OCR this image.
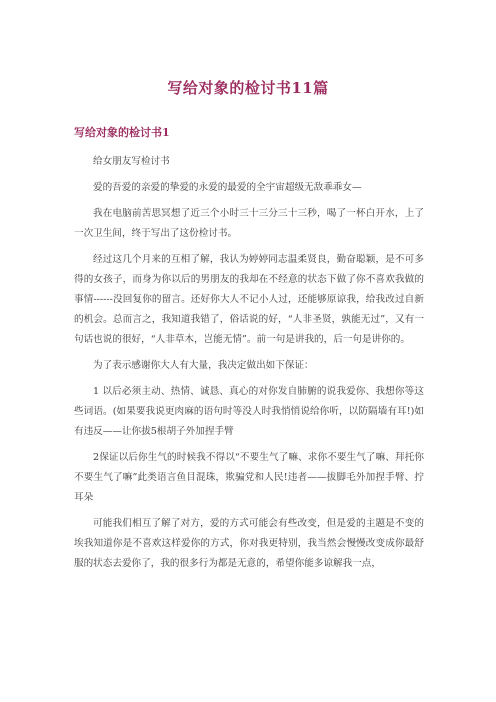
写给对象的检讨书11篇
写给对象的检讨书1

给女朋友写检讨书

爱的吾爱的亲爱的挚爱的永爱的最爱的全宇宙超级无敌乖乖女—

我在电脑前苦思冥想了近三个小时三十三分三十三秒，喝了一杯白开水，上了一次卫生间，终于写出了这份检讨书。

经过这几个月来的互相了解，我认为婷婷同志温柔贤良，勤奋聪颖，是不可多得的女孩子，而身为你以后的男朋友的我却在不经意的状态下做了你不喜欢我做的事情------没回复你的留言。还好你大人不记小人过，还能够原谅我，给我改过自新的机会。总而言之，我知道我错了，俗话说的好，“人非圣贤，孰能无过”，又有一句话也说的很好，“人非草木，岂能无情”。前一句是讲我的，后一句是讲你的。

为了表示感谢你大人有大量，我决定做出如下保证：

1 以后必须主动、热情、诚恳、真心的对你发自肺腑的说我爱你、我想你等这些词语。(如果要我说更肉麻的语句时等没人时我悄悄说给你听，以防隔墙有耳!)如有违反——让你拔5根胡子外加捏手臂

2保证以后你生气的时候我不得以“不要生气了嘛、求你不要生气了嘛、拜托你不要生气了嘛”此类语言鱼目混珠，欺骗党和人民!违者——拔脚毛外加捏手臂、拧耳朵

可能我们相互了解了对方，爱的方式可能会有些改变，但是爱的主题是不变的埃我知道你是不喜欢这样爱你的方式，你对我更特别，我当然会慢慢改变成你最舒服的状态去爱你了，我的很多行为都是无意的，希望你能多谅解我一点，
